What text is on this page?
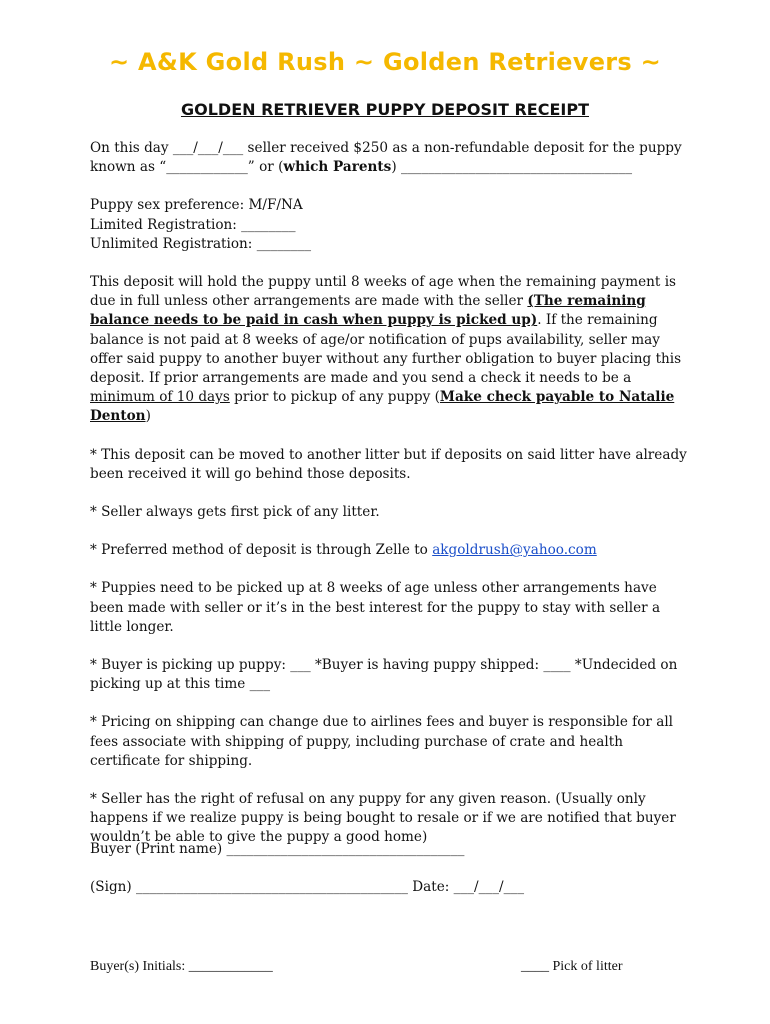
~ A&K Gold Rush ~ Golden Retrievers ~
GOLDEN RETRIEVER PUPPY DEPOSIT RECEIPT

On this day ___/___/___ seller received $250 as a non-refundable deposit for the puppy known as “____________” or (which Parents) __________________________________

Puppy sex preference: M/F/NA
Limited Registration: ________
Unlimited Registration: ________

This deposit will hold the puppy until 8 weeks of age when the remaining payment is due in full unless other arrangements are made with the seller (The remaining balance needs to be paid in cash when puppy is picked up). If the remaining balance is not paid at 8 weeks of age/or notification of pups availability, seller may offer said puppy to another buyer without any further obligation to buyer placing this deposit. If prior arrangements are made and you send a check it needs to be a minimum of 10 days prior to pickup of any puppy (Make check payable to Natalie Denton)

* This deposit can be moved to another litter but if deposits on said litter have already been received it will go behind those deposits.

* Seller always gets first pick of any litter.

* Preferred method of deposit is through Zelle to akgoldrush@yahoo.com

* Puppies need to be picked up at 8 weeks of age unless other arrangements have been made with seller or it’s in the best interest for the puppy to stay with seller a little longer.

* Buyer is picking up puppy: ___ *Buyer is having puppy shipped: ____ *Undecided on picking up at this time ___

* Pricing on shipping can change due to airlines fees and buyer is responsible for all fees associate with shipping of puppy, including purchase of crate and health certificate for shipping.

* Seller has the right of refusal on any puppy for any given reason. (Usually only happens if we realize puppy is being bought to resale or if we are notified that buyer wouldn’t be able to give the puppy a good home)

Buyer (Print name) ___________________________________
(Sign) ________________________________________ Date: ___/___/___
Buyer(s) Initials: ____________	____ Pick of litter
